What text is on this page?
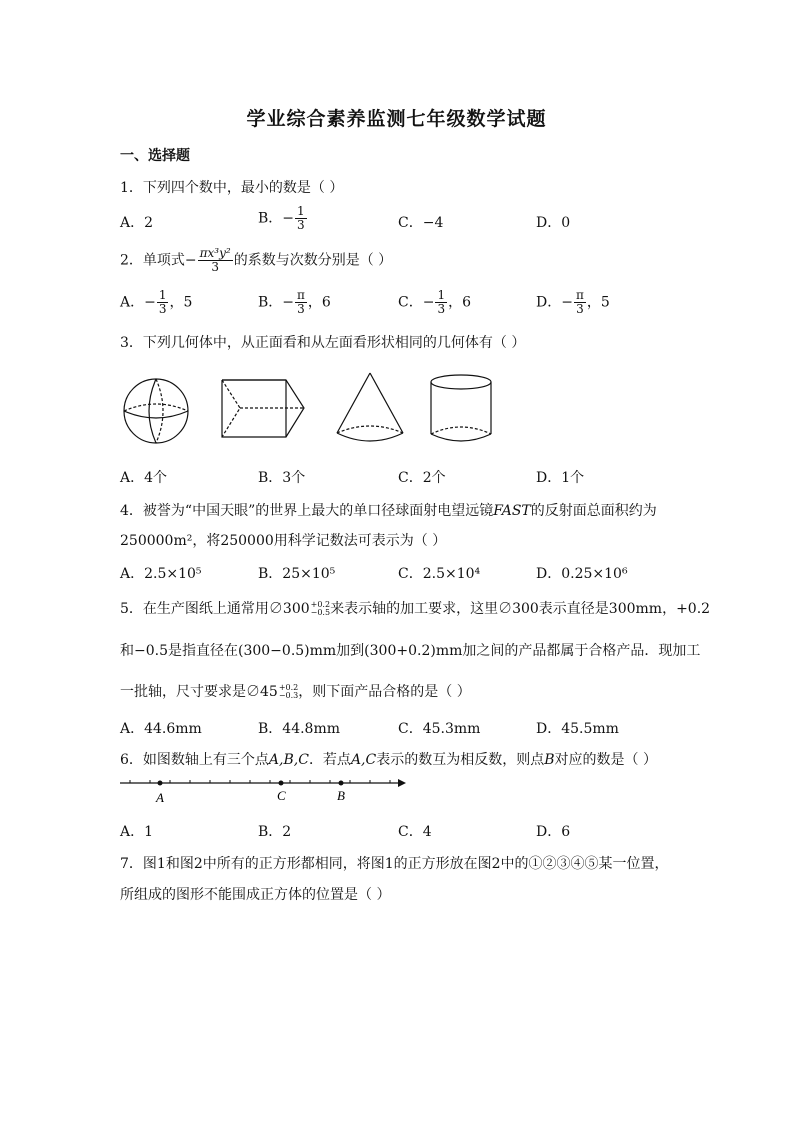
学业综合素养监测七年级数学试题
一、选择题
1．下列四个数中，最小的数是（ ）
A．2	B．− $\frac{1}{3}$	C．−4	D．0
2．单项式− $\frac{\text{πx³y²}}{3}$ 的系数与次数分别是（ ）
A．− $\frac{1}{3}$ ，5	B．− $\frac{\pi}{3}$ ，6	C．− $\frac{1}{3}$ ，6	D．− $\frac{\pi}{3}$ ，5
3．下列几何体中，从正面看和从左面看形状相同的几何体有（ ）
A．4个	B．3个	C．2个	D．1个
4．被誉为“中国天眼”的世界上最大的单口径球面射电望远镜FAST的反射面总面积约为
250000m²，将250000用科学记数法可表示为（ ）
A．2.5×10⁵	B．25×10⁵	C．2.5×10⁴	D．0.25×10⁶
5．在生产图纸上通常用∅300 +0.2
−0.5 来表示轴的加工要求，这里∅300表示直径是300mm，+0.2
和−0.5是指直径在(300−0.5)mm加到(300+0.2)mm加之间的产品都属于合格产品．现加工
一批轴，尺寸要求是∅45 +0.2
−0.3 ，则下面产品合格的是（ ）
A．44.6mm	B．44.8mm	C．45.3mm	D．45.5mm
6．如图数轴上有三个点A,B,C．若点A,C表示的数互为相反数，则点B对应的数是（ ）
A	C	B
A．1	B．2	C．4	D．6
7．图1和图2中所有的正方形都相同，将图1的正方形放在图2中的①②③④⑤某一位置，
所组成的图形不能围成正方体的位置是（ ）
